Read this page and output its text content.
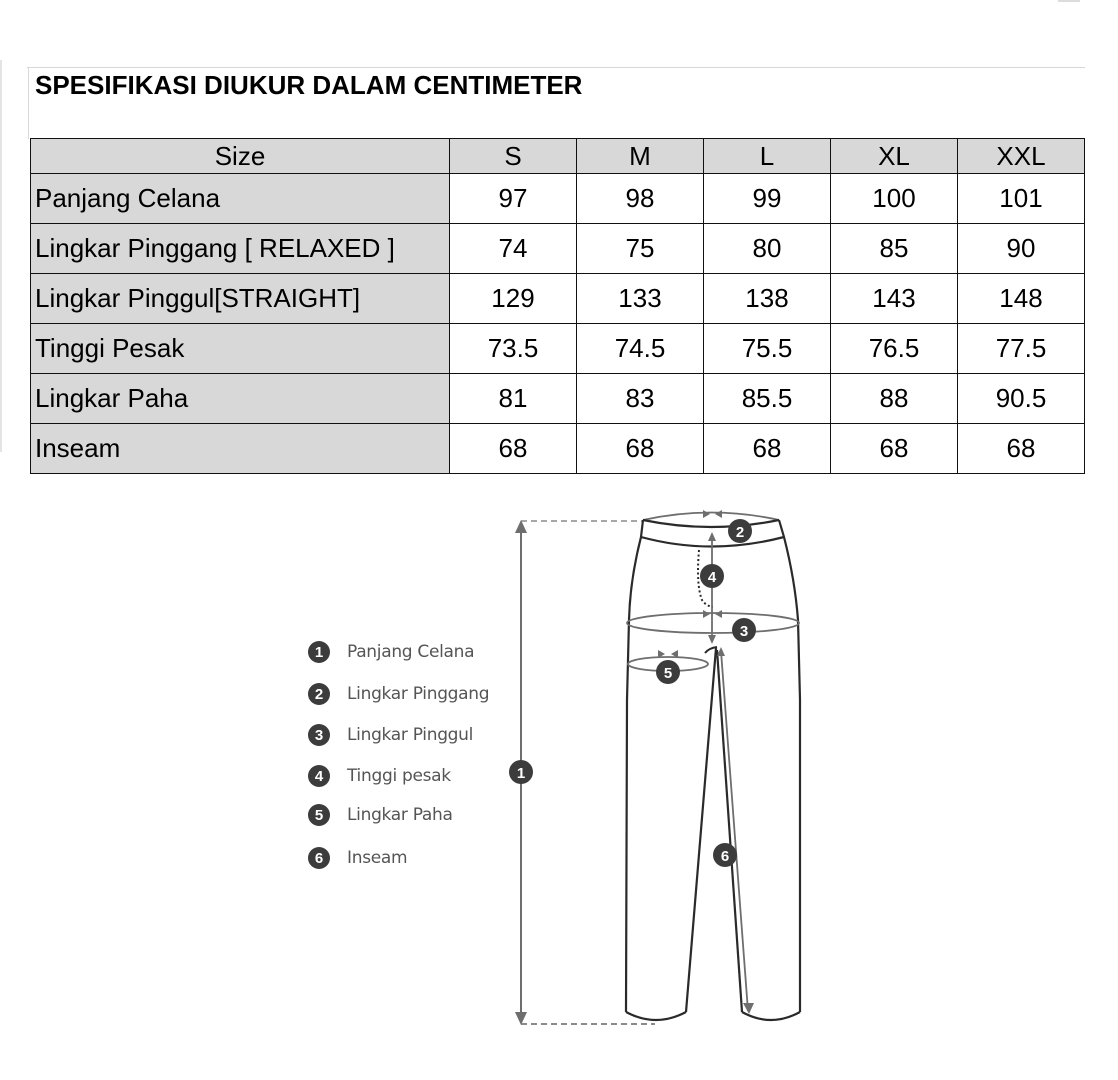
SPESIFIKASI DIUKUR DALAM CENTIMETER
Size	S	M	L	XL	XXL
Panjang Celana	97	98	99	100	101
Lingkar Pinggang [ RELAXED ]	74	75	80	85	90
Lingkar Pinggul[STRAIGHT]	129	133	138	143	148
Tinggi Pesak	73.5	74.5	75.5	76.5	77.5
Lingkar Paha	81	83	85.5	88	90.5
Inseam	68	68	68	68	68
1	Panjang Celana
2	Lingkar Pinggang
3	Lingkar Pinggul
4	Tinggi pesak
5	Lingkar Paha
6	Inseam
1
2
3
4
5
6
